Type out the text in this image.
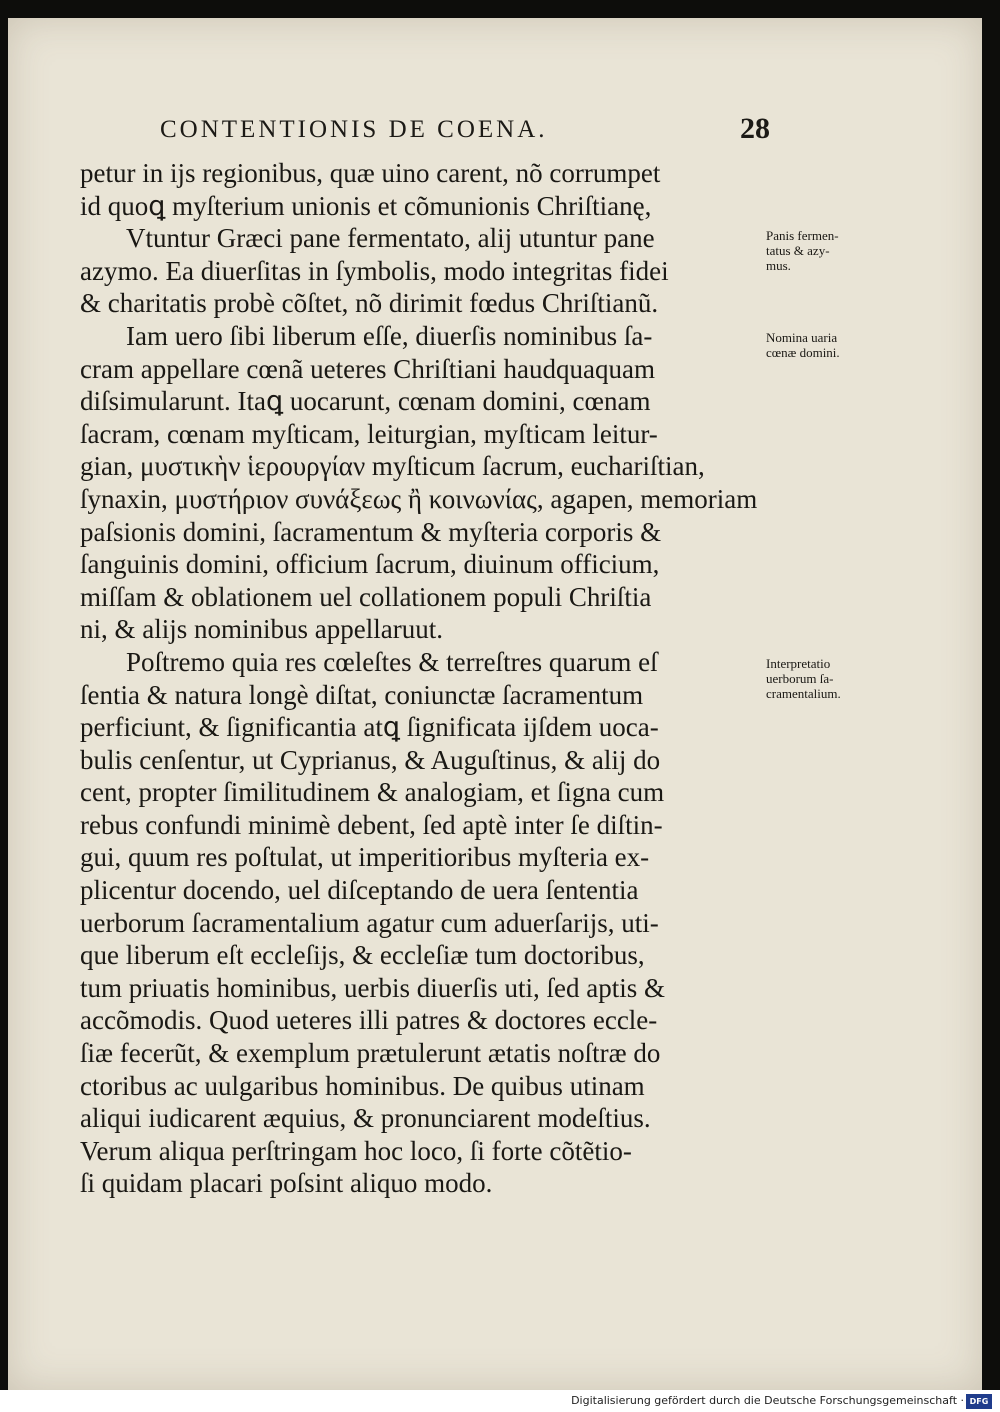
CONTENTIONIS DE COENA.	28
petur in ijs regionibus, quæ uino carent, nõ corrumpet
id quoꝗ myſterium unionis et cõmunionis Chriſtianę,
Vtuntur Græci pane fermentato, alij utuntur pane
azymo. Ea diuerſitas in ſymbolis, modo integritas fidei
& charitatis probè cõſtet, nõ dirimit fœdus Chriſtianũ.
Iam uero ſibi liberum eſſe, diuerſis nominibus ſa-
cram appellare cœnã ueteres Chriſtiani haudquaquam
diſsimularunt. Itaꝗ uocarunt, cœnam domini, cœnam
ſacram, cœnam myſticam, leiturgian, myſticam leitur-
gian, μυστικὴν ἱερουργίαν myſticum ſacrum, euchariſtian,
ſynaxin, μυστήριον συνάξεως ἢ κοινωνίας, agapen, memoriam
paſsionis domini, ſacramentum & myſteria corporis &
ſanguinis domini, officium ſacrum, diuinum officium,
miſſam & oblationem uel collationem populi Chriſtia
ni, & alijs nominibus appellaruut.
Poſtremo quia res cœleſtes & terreſtres quarum eſ
ſentia & natura longè diſtat, coniunctæ ſacramentum
perficiunt, & ſignificantia atꝗ ſignificata ijſdem uoca-
bulis cenſentur, ut Cyprianus, & Auguſtinus, & alij do
cent, propter ſimilitudinem & analogiam, et ſigna cum
rebus confundi minimè debent, ſed aptè inter ſe diſtin-
gui, quum res poſtulat, ut imperitioribus myſteria ex-
plicentur docendo, uel diſceptando de uera ſententia
uerborum ſacramentalium agatur cum aduerſarijs, uti-
que liberum eſt eccleſijs, & eccleſiæ tum doctoribus,
tum priuatis hominibus, uerbis diuerſis uti, ſed aptis &
accõmodis. Quod ueteres illi patres & doctores eccle-
ſiæ fecerũt, & exemplum prætulerunt ætatis noſtræ do
ctoribus ac uulgaribus hominibus. De quibus utinam
aliqui iudicarent æquius, & pronunciarent modeſtius.
Verum aliqua perſtringam hoc loco, ſi forte cõtẽtio-
ſi quidam placari poſsint aliquo modo.
Panis fermen-
tatus & azy-
mus.
Nomina uaria
cœnæ domini.
Interpretatio
uerborum ſa-
cramentalium.
Digitalisierung gefördert durch die Deutsche Forschungsgemeinschaft · DFG
